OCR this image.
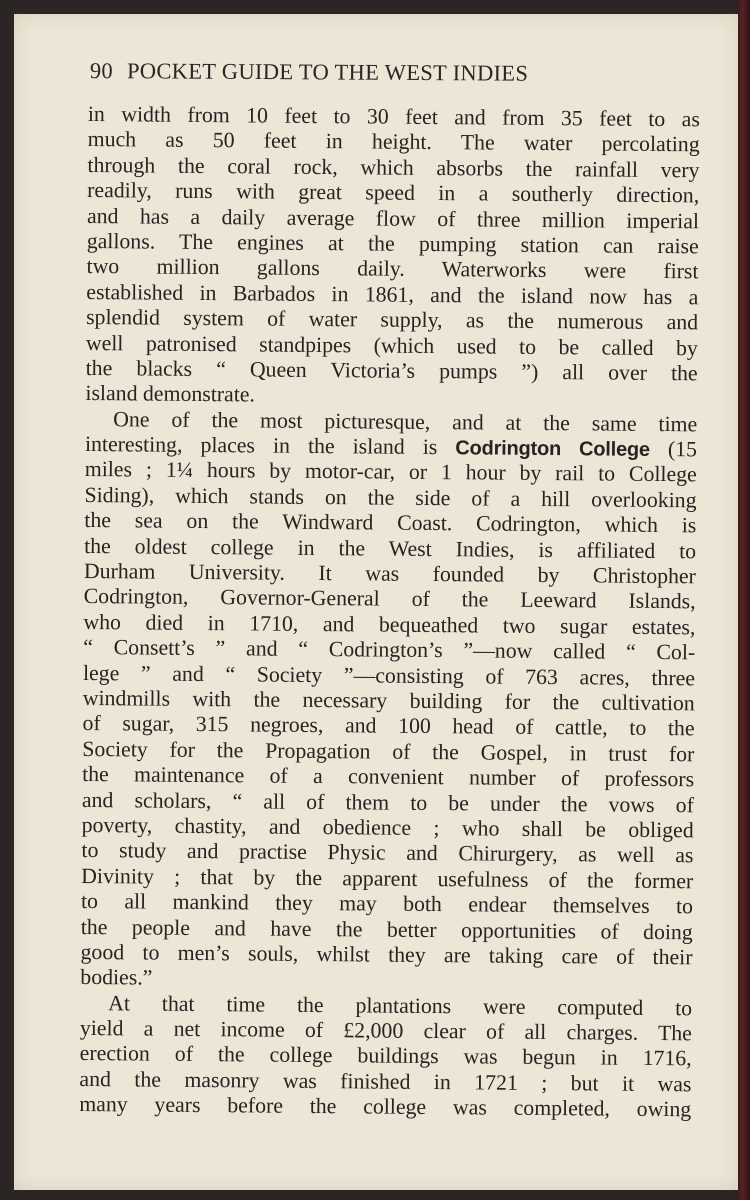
90 POCKET GUIDE TO THE WEST INDIES
in width from 10 feet to 30 feet and from 35 feet to as
much as 50 feet in height. The water percolating
through the coral rock, which absorbs the rainfall very
readily, runs with great speed in a southerly direction,
and has a daily average flow of three million imperial
gallons. The engines at the pumping station can raise
two million gallons daily. Waterworks were first
established in Barbados in 1861, and the island now has a
splendid system of water supply, as the numerous and
well patronised standpipes (which used to be called by
the blacks “ Queen Victoria’s pumps ”) all over the
island demonstrate.
One of the most picturesque, and at the same time
interesting, places in the island is Codrington College (15
miles ; 1¼ hours by motor-car, or 1 hour by rail to College
Siding), which stands on the side of a hill overlooking
the sea on the Windward Coast. Codrington, which is
the oldest college in the West Indies, is affiliated to
Durham University. It was founded by Christopher
Codrington, Governor-General of the Leeward Islands,
who died in 1710, and bequeathed two sugar estates,
“ Consett’s ” and “ Codrington’s ”—now called “ Col-
lege ” and “ Society ”—consisting of 763 acres, three
windmills with the necessary building for the cultivation
of sugar, 315 negroes, and 100 head of cattle, to the
Society for the Propagation of the Gospel, in trust for
the maintenance of a convenient number of professors
and scholars, “ all of them to be under the vows of
poverty, chastity, and obedience ; who shall be obliged
to study and practise Physic and Chirurgery, as well as
Divinity ; that by the apparent usefulness of the former
to all mankind they may both endear themselves to
the people and have the better opportunities of doing
good to men’s souls, whilst they are taking care of their
bodies.”
At that time the plantations were computed to
yield a net income of £2,000 clear of all charges. The
erection of the college buildings was begun in 1716,
and the masonry was finished in 1721 ; but it was
many years before the college was completed, owing
